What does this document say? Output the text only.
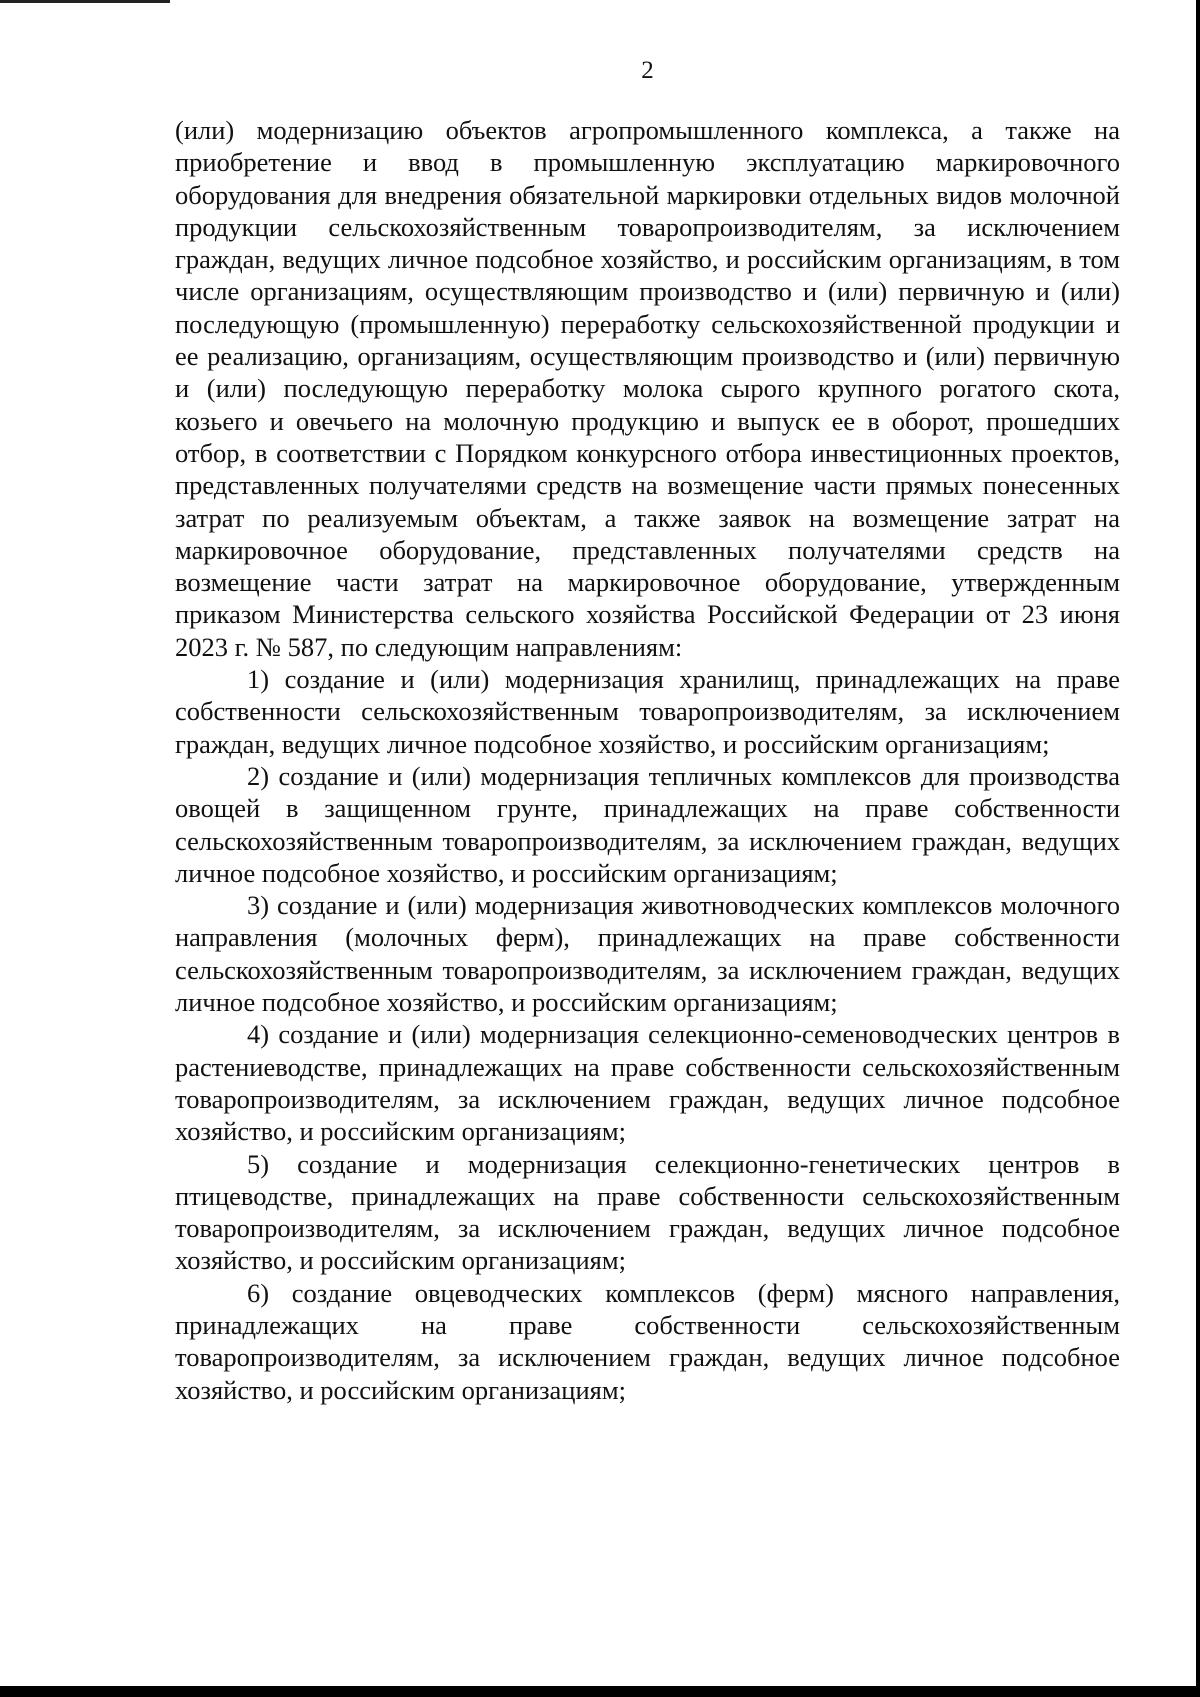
2

(или) модернизацию объектов агропромышленного комплекса, а также на приобретение и ввод в промышленную эксплуатацию маркировочного оборудования для внедрения обязательной маркировки отдельных видов молочной продукции сельскохозяйственным товаропроизводителям, за исключением граждан, ведущих личное подсобное хозяйство, и российским организациям, в том числе организациям, осуществляющим производство и (или) первичную и (или) последующую (промышленную) переработку сельскохозяйственной продукции и ее реализацию, организациям, осуществляющим производство и (или) первичную и (или) последующую переработку молока сырого крупного рогатого скота, козьего и овечьего на молочную продукцию и выпуск ее в оборот, прошедших отбор, в соответствии с Порядком конкурсного отбора инвестиционных проектов, представленных получателями средств на возмещение части прямых понесенных затрат по реализуемым объектам, а также заявок на возмещение затрат на маркировочное оборудование, представленных получателями средств на возмещение части затрат на маркировочное оборудование, утвержденным приказом Министерства сельского хозяйства Российской Федерации от 23 июня 2023 г. № 587, по следующим направлениям:

1) создание и (или) модернизация хранилищ, принадлежащих на праве собственности сельскохозяйственным товаропроизводителям, за исключением граждан, ведущих личное подсобное хозяйство, и российским организациям;

2) создание и (или) модернизация тепличных комплексов для производства овощей в защищенном грунте, принадлежащих на праве собственности сельскохозяйственным товаропроизводителям, за исключением граждан, ведущих личное подсобное хозяйство, и российским организациям;

3) создание и (или) модернизация животноводческих комплексов молочного направления (молочных ферм), принадлежащих на праве собственности сельскохозяйственным товаропроизводителям, за исключением граждан, ведущих личное подсобное хозяйство, и российским организациям;

4) создание и (или) модернизация селекционно-семеноводческих центров в растениеводстве, принадлежащих на праве собственности сельскохозяйственным товаропроизводителям, за исключением граждан, ведущих личное подсобное хозяйство, и российским организациям;

5) создание и модернизация селекционно-генетических центров в птицеводстве, принадлежащих на праве собственности сельскохозяйственным товаропроизводителям, за исключением граждан, ведущих личное подсобное хозяйство, и российским организациям;

6) создание овцеводческих комплексов (ферм) мясного направления, принадлежащих на праве собственности сельскохозяйственным товаропроизводителям, за исключением граждан, ведущих личное подсобное хозяйство, и российским организациям;
